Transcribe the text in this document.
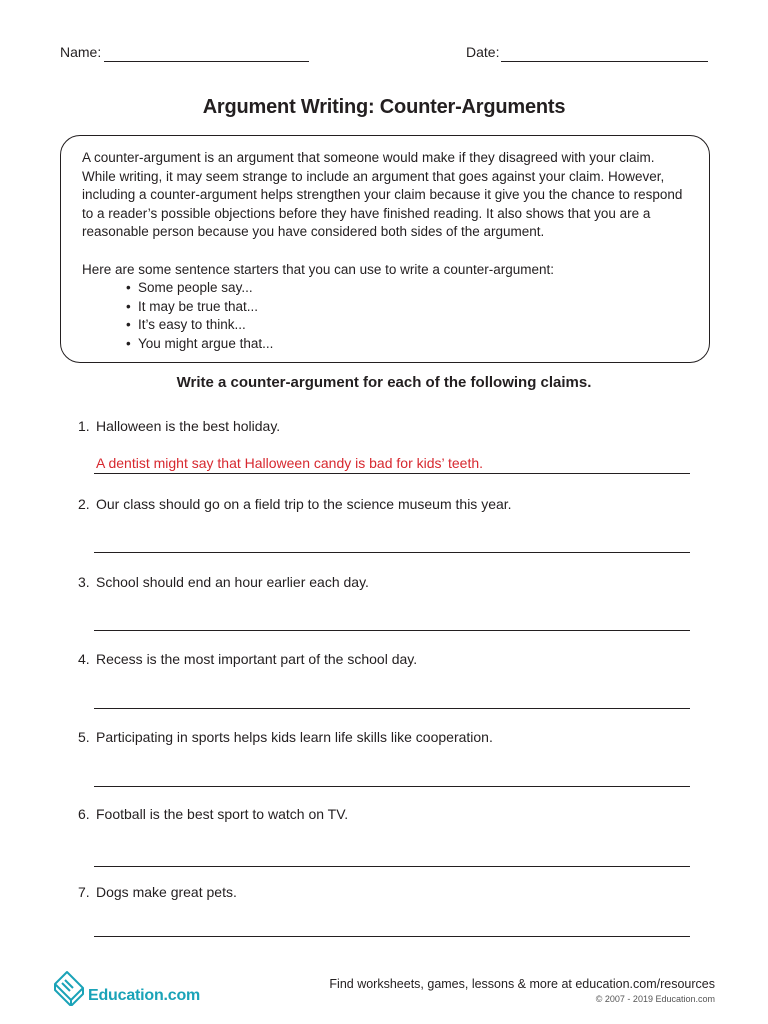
Name:	Date:
Argument Writing: Counter-Arguments

A counter-argument is an argument that someone would make if they disagreed with your claim. While writing, it may seem strange to include an argument that goes against your claim. However, including a counter-argument helps strengthen your claim because it give you the chance to respond to a reader’s possible objections before they have finished reading. It also shows that you are a reasonable person because you have considered both sides of the argument.

Here are some sentence starters that you can use to write a counter-argument:

• Some people say...
• It may be true that...
• It’s easy to think...
• You might argue that...

Write a counter-argument for each of the following claims.

1. Halloween is the best holiday.
A dentist might say that Halloween candy is bad for kids’ teeth.
2. Our class should go on a field trip to the science museum this year.
3. School should end an hour earlier each day.
4. Recess is the most important part of the school day.
5. Participating in sports helps kids learn life skills like cooperation.
6. Football is the best sport to watch on TV.
7. Dogs make great pets.
Education.com
Find worksheets, games, lessons & more at education.com/resources
© 2007 - 2019 Education.com
